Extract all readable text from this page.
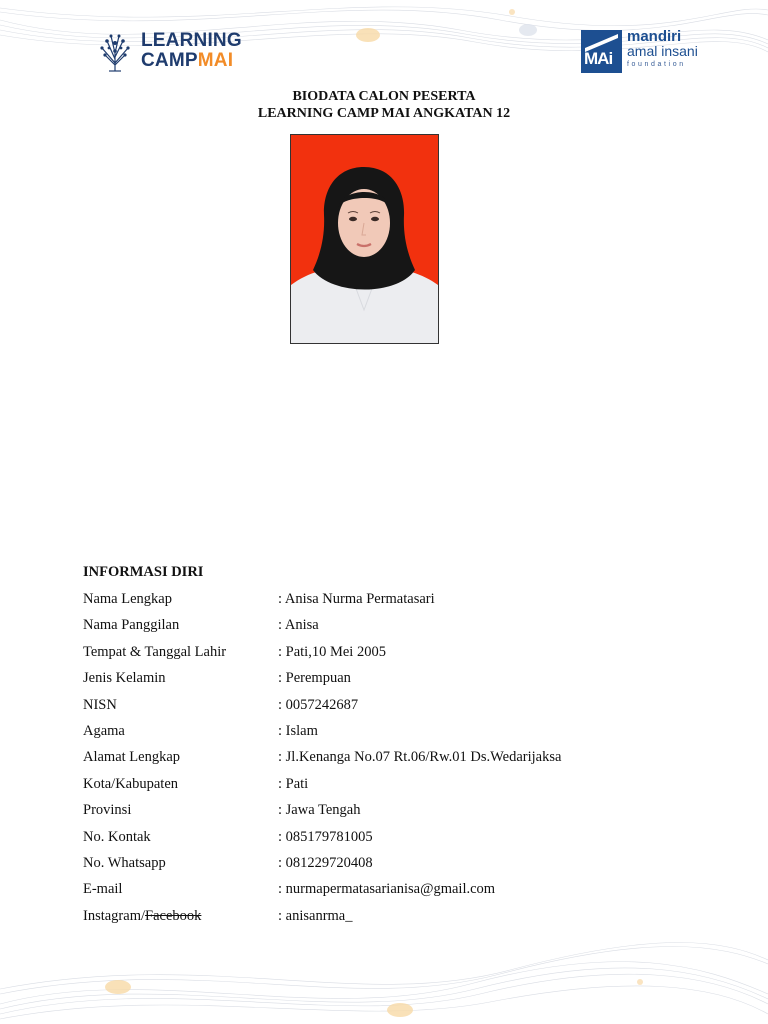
LEARNING
CAMPMAI	MAi
mandiri
amal insani
foundation
BIODATA CALON PESERTA
LEARNING CAMP MAI ANGKATAN 12
INFORMASI DIRI
Nama Lengkap	: Anisa Nurma Permatasari
Nama Panggilan	: Anisa
Tempat & Tanggal Lahir	: Pati,10 Mei 2005
Jenis Kelamin	: Perempuan
NISN	: 0057242687
Agama	: Islam
Alamat Lengkap	: Jl.Kenanga No.07 Rt.06/Rw.01 Ds.Wedarijaksa
Kota/Kabupaten	: Pati
Provinsi	: Jawa Tengah
No. Kontak	: 085179781005
No. Whatsapp	: 081229720408
E-mail	: nurmapermatasarianisa@gmail.com
Instagram/Facebook	: anisanrma_
